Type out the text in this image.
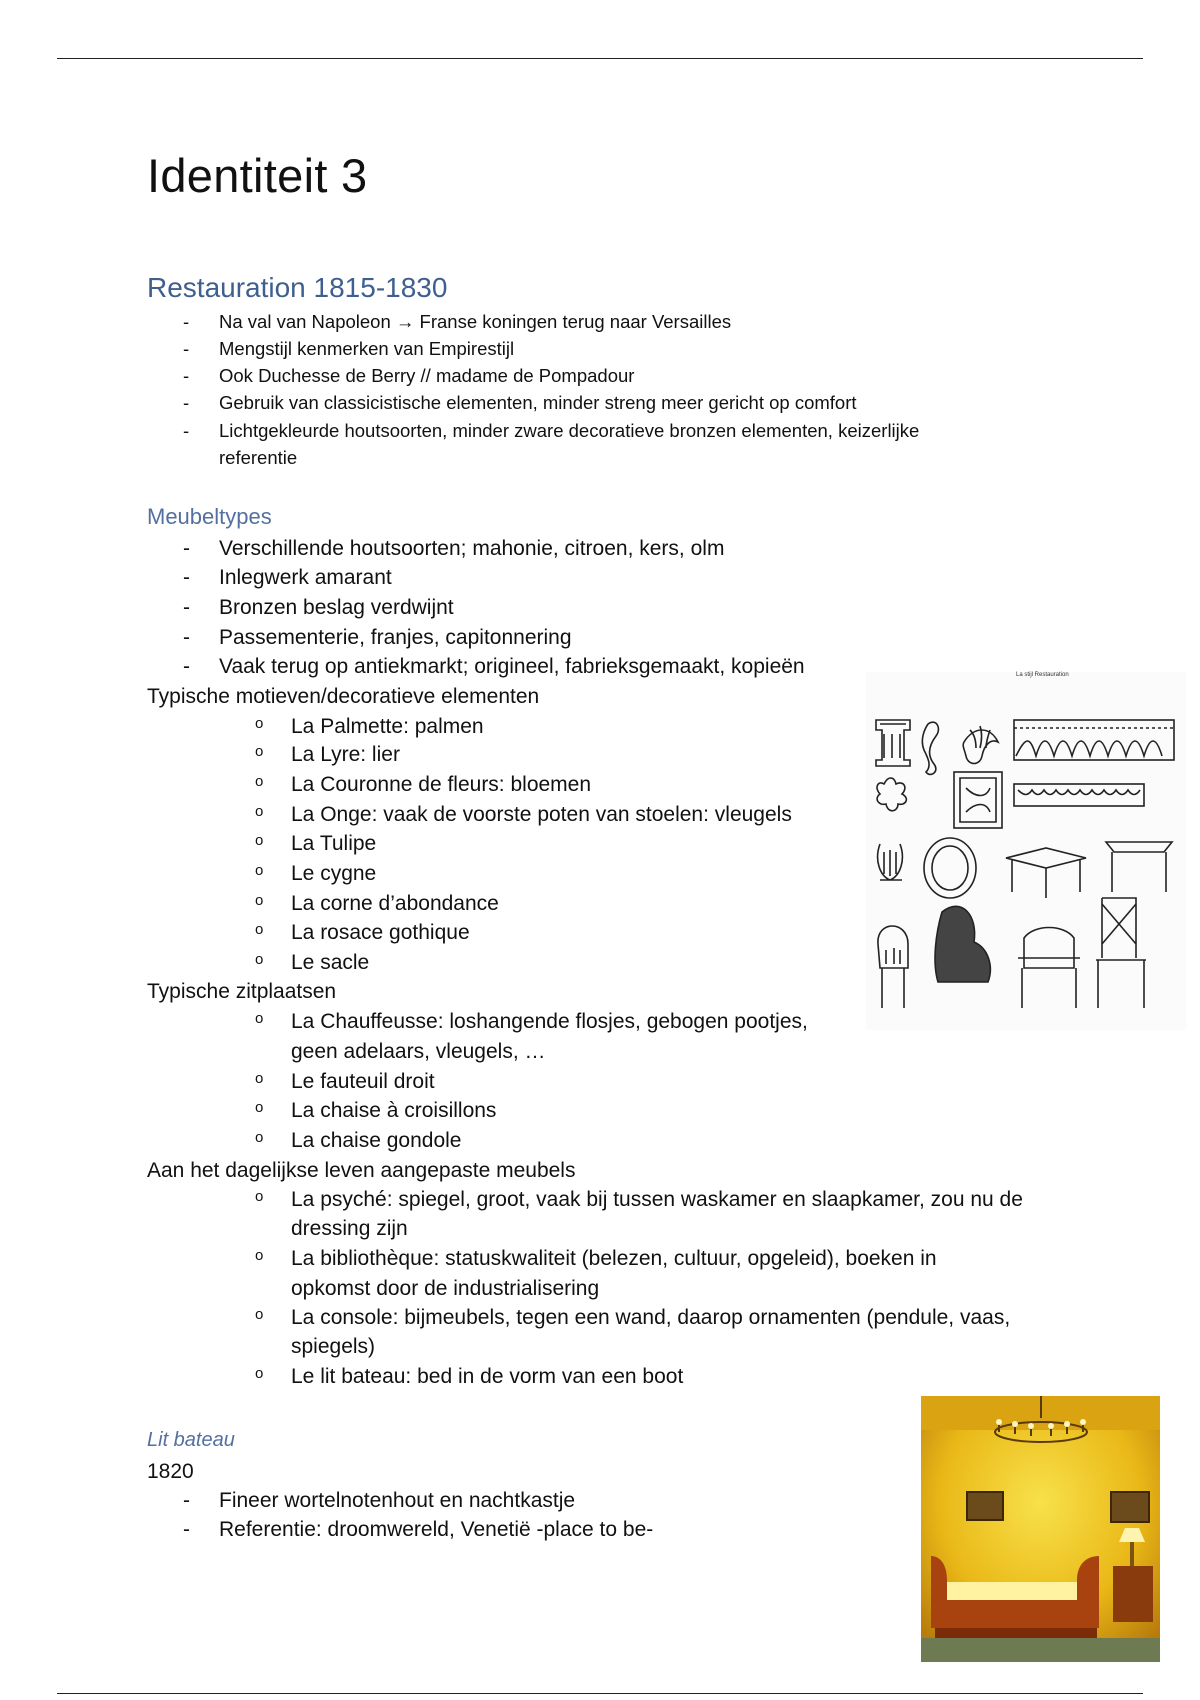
Identiteit 3
Restauration 1815-1830
- Na val van Napoleon → Franse koningen terug naar Versailles
- Mengstijl kenmerken van Empirestijl
- Ook Duchesse de Berry // madame de Pompadour
- Gebruik van classicistische elementen, minder streng meer gericht op comfort
- Lichtgekleurde houtsoorten, minder zware decoratieve bronzen elementen, keizerlijke
referentie
Meubeltypes
- Verschillende houtsoorten; mahonie, citroen, kers, olm
- Inlegwerk amarant
- Bronzen beslag verdwijnt
- Passementerie, franjes, capitonnering
- Vaak terug op antiekmarkt; origineel, fabrieksgemaakt, kopieën
Typische motieven/decoratieve elementen
o La Palmette: palmen
o La Lyre: lier
o La Couronne de fleurs: bloemen
o La Onge: vaak de voorste poten van stoelen: vleugels
o La Tulipe
o Le cygne
o La corne d’abondance
o La rosace gothique
o Le sacle
Typische zitplaatsen
o La Chauffeusse: loshangende flosjes, gebogen pootjes,
geen adelaars, vleugels, …
o Le fauteuil droit
o La chaise à croisillons
o La chaise gondole
Aan het dagelijkse leven aangepaste meubels
o La psyché: spiegel, groot, vaak bij tussen waskamer en slaapkamer, zou nu de
dressing zijn
o La bibliothèque: statuskwaliteit (belezen, cultuur, opgeleid), boeken in
opkomst door de industrialisering
o La console: bijmeubels, tegen een wand, daarop ornamenten (pendule, vaas,
spiegels)
o Le lit bateau: bed in de vorm van een boot
Lit bateau
1820
- Fineer wortelnotenhout en nachtkastje
- Referentie: droomwereld, Venetië -place to be-
La stijl Restauration
